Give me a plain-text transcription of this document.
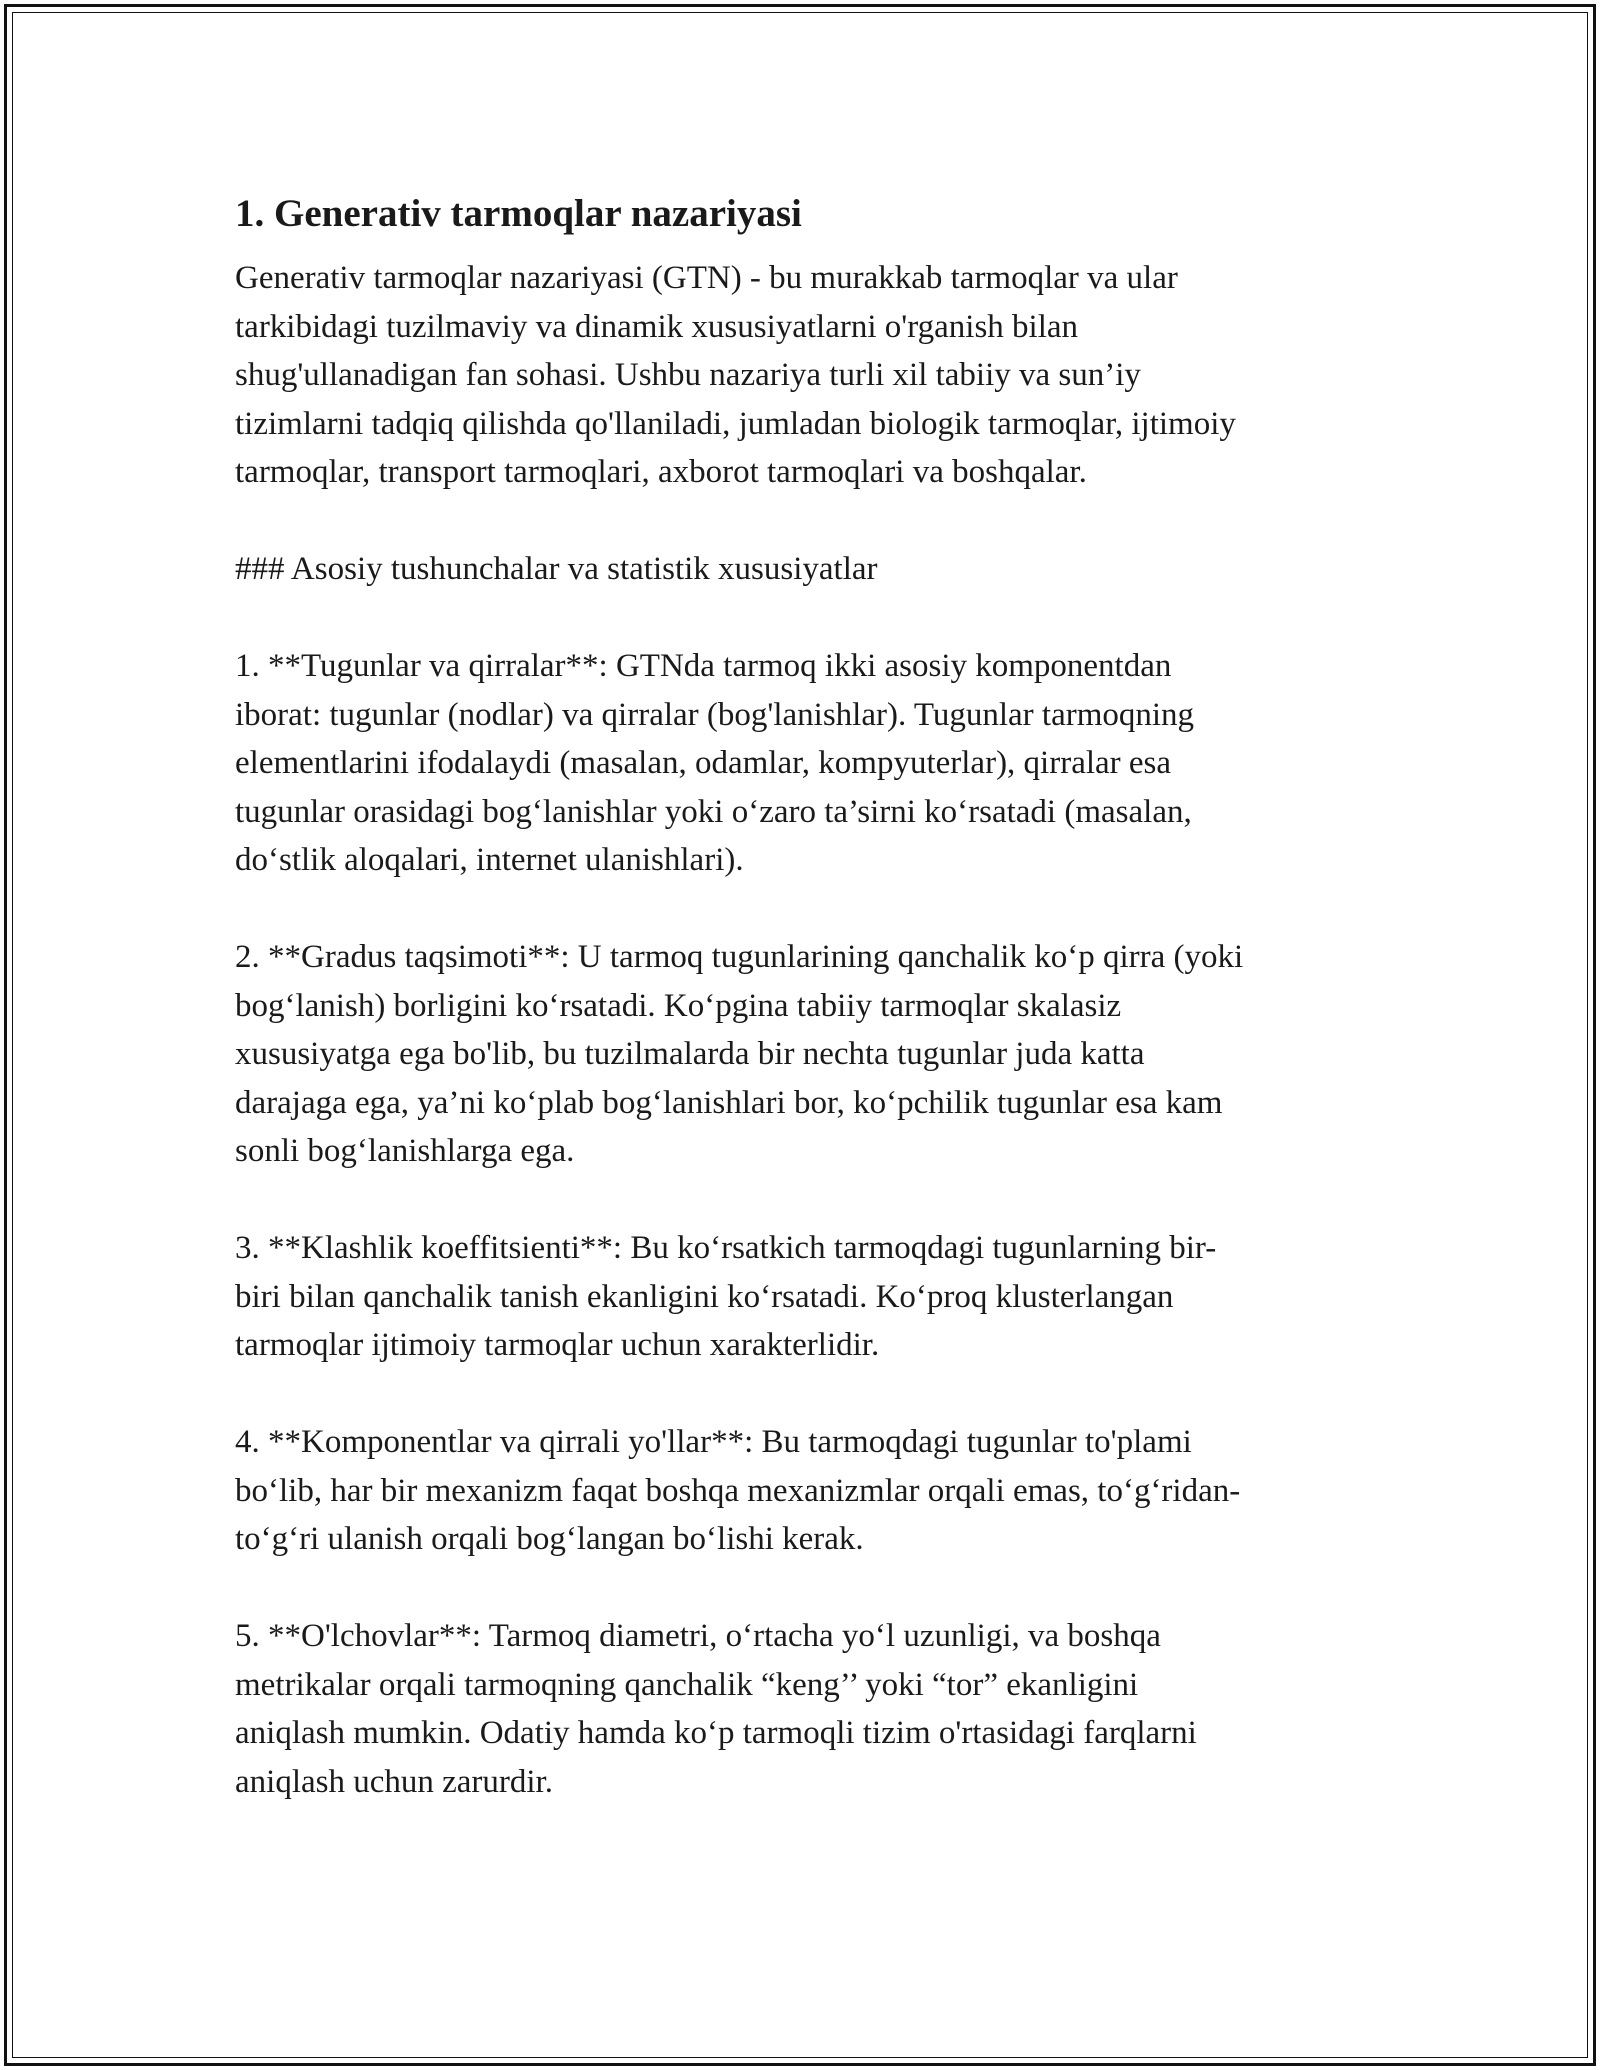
1. Generativ tarmoqlar nazariyasi
Generativ tarmoqlar nazariyasi (GTN) - bu murakkab tarmoqlar va ular
tarkibidagi tuzilmaviy va dinamik xususiyatlarni o'rganish bilan
shug'ullanadigan fan sohasi. Ushbu nazariya turli xil tabiiy va sun’iy
tizimlarni tadqiq qilishda qo'llaniladi, jumladan biologik tarmoqlar, ijtimoiy
tarmoqlar, transport tarmoqlari, axborot tarmoqlari va boshqalar.
### Asosiy tushunchalar va statistik xususiyatlar
1. **Tugunlar va qirralar**: GTNda tarmoq ikki asosiy komponentdan
iborat: tugunlar (nodlar) va qirralar (bog'lanishlar). Tugunlar tarmoqning
elementlarini ifodalaydi (masalan, odamlar, kompyuterlar), qirralar esa
tugunlar orasidagi bog‘lanishlar yoki o‘zaro ta’sirni ko‘rsatadi (masalan,
do‘stlik aloqalari, internet ulanishlari).
2. **Gradus taqsimoti**: U tarmoq tugunlarining qanchalik ko‘p qirra (yoki
bog‘lanish) borligini ko‘rsatadi. Ko‘pgina tabiiy tarmoqlar skalasiz
xususiyatga ega bo'lib, bu tuzilmalarda bir nechta tugunlar juda katta
darajaga ega, ya’ni ko‘plab bog‘lanishlari bor, ko‘pchilik tugunlar esa kam
sonli bog‘lanishlarga ega.
3. **Klashlik koeffitsienti**: Bu ko‘rsatkich tarmoqdagi tugunlarning bir-
biri bilan qanchalik tanish ekanligini ko‘rsatadi. Ko‘proq klusterlangan
tarmoqlar ijtimoiy tarmoqlar uchun xarakterlidir.
4. **Komponentlar va qirrali yo'llar**: Bu tarmoqdagi tugunlar to'plami
bo‘lib, har bir mexanizm faqat boshqa mexanizmlar orqali emas, to‘g‘ridan-
to‘g‘ri ulanish orqali bog‘langan bo‘lishi kerak.
5. **O'lchovlar**: Tarmoq diametri, o‘rtacha yo‘l uzunligi, va boshqa
metrikalar orqali tarmoqning qanchalik “keng’’ yoki “tor” ekanligini
aniqlash mumkin. Odatiy hamda ko‘p tarmoqli tizim o'rtasidagi farqlarni
aniqlash uchun zarurdir.
